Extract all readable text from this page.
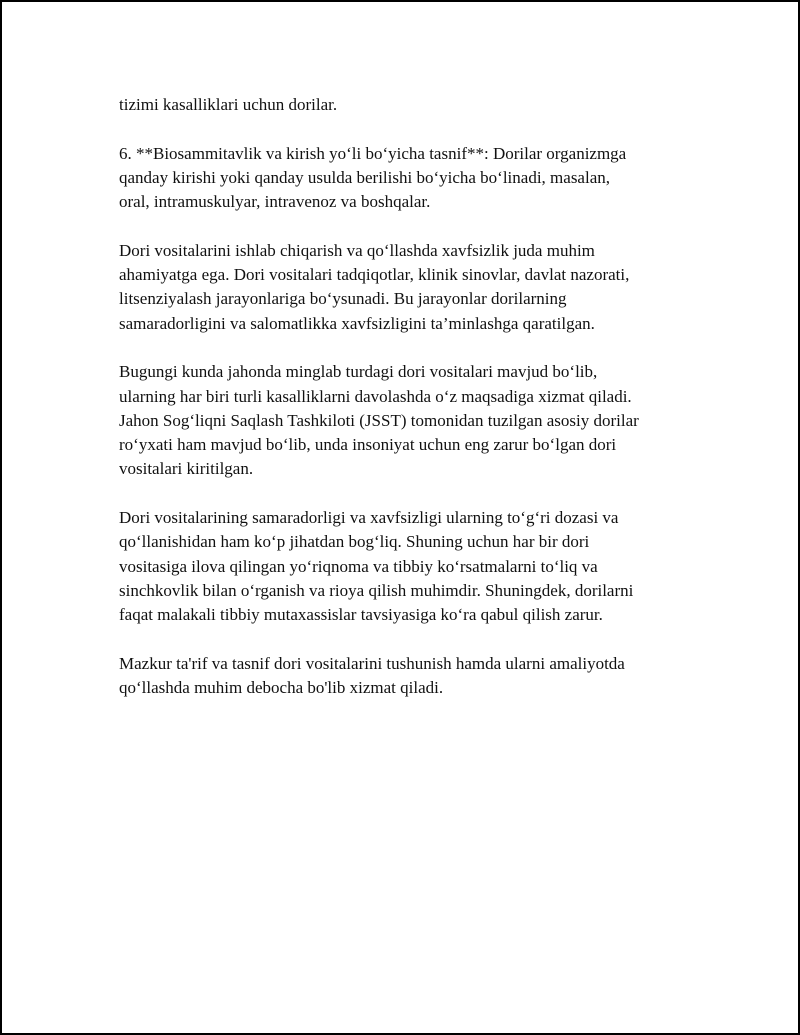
tizimi kasalliklari uchun dorilar.

6. **Biosammitavlik va kirish yo‘li bo‘yicha tasnif**: Dorilar organizmga
qanday kirishi yoki qanday usulda berilishi bo‘yicha bo‘linadi, masalan,
oral, intramuskulyar, intravenoz va boshqalar.

Dori vositalarini ishlab chiqarish va qo‘llashda xavfsizlik juda muhim
ahamiyatga ega. Dori vositalari tadqiqotlar, klinik sinovlar, davlat nazorati,
litsenziyalash jarayonlariga bo‘ysunadi. Bu jarayonlar dorilarning
samaradorligini va salomatlikka xavfsizligini ta’minlashga qaratilgan.

Bugungi kunda jahonda minglab turdagi dori vositalari mavjud bo‘lib,
ularning har biri turli kasalliklarni davolashda o‘z maqsadiga xizmat qiladi.
Jahon Sog‘liqni Saqlash Tashkiloti (JSST) tomonidan tuzilgan asosiy dorilar
ro‘yxati ham mavjud bo‘lib, unda insoniyat uchun eng zarur bo‘lgan dori
vositalari kiritilgan.

Dori vositalarining samaradorligi va xavfsizligi ularning to‘g‘ri dozasi va
qo‘llanishidan ham ko‘p jihatdan bog‘liq. Shuning uchun har bir dori
vositasiga ilova qilingan yo‘riqnoma va tibbiy ko‘rsatmalarni to‘liq va
sinchkovlik bilan o‘rganish va rioya qilish muhimdir. Shuningdek, dorilarni
faqat malakali tibbiy mutaxassislar tavsiyasiga ko‘ra qabul qilish zarur.

Mazkur ta'rif va tasnif dori vositalarini tushunish hamda ularni amaliyotda
qo‘llashda muhim debocha bo'lib xizmat qiladi.
